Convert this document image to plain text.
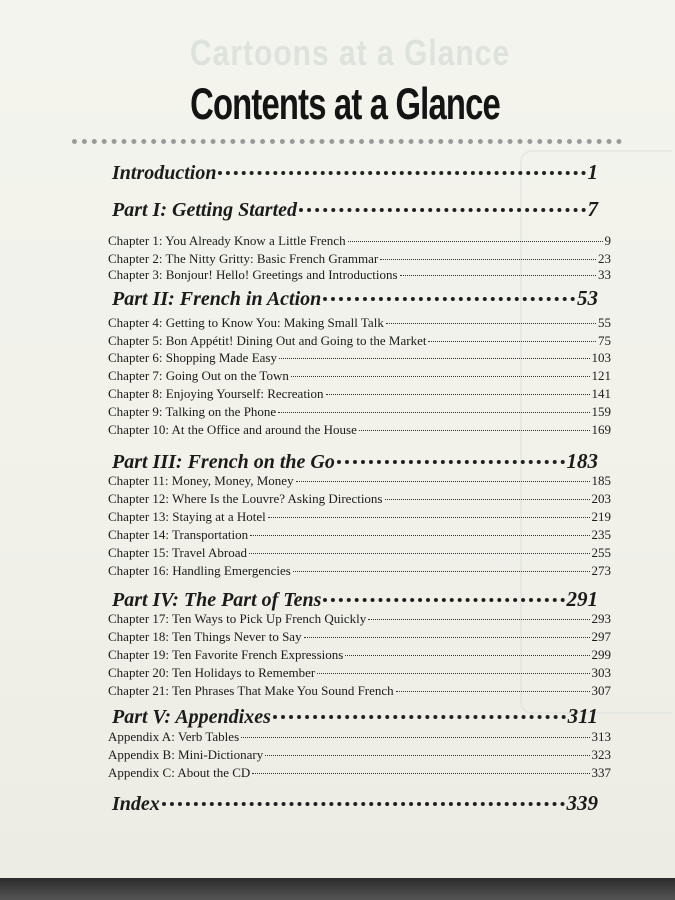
Cartoons at a Glance
Contents at a Glance
Introduction	1
Part I: Getting Started	7
Chapter 1: You Already Know a Little French	9
Chapter 2: The Nitty Gritty: Basic French Grammar	23
Chapter 3: Bonjour! Hello! Greetings and Introductions	33
Part II: French in Action	53
Chapter 4: Getting to Know You: Making Small Talk	55
Chapter 5: Bon Appétit! Dining Out and Going to the Market	75
Chapter 6: Shopping Made Easy	103
Chapter 7: Going Out on the Town	121
Chapter 8: Enjoying Yourself: Recreation	141
Chapter 9: Talking on the Phone	159
Chapter 10: At the Office and around the House	169
Part III: French on the Go	183
Chapter 11: Money, Money, Money	185
Chapter 12: Where Is the Louvre? Asking Directions	203
Chapter 13: Staying at a Hotel	219
Chapter 14: Transportation	235
Chapter 15: Travel Abroad	255
Chapter 16: Handling Emergencies	273
Part IV: The Part of Tens	291
Chapter 17: Ten Ways to Pick Up French Quickly	293
Chapter 18: Ten Things Never to Say	297
Chapter 19: Ten Favorite French Expressions	299
Chapter 20: Ten Holidays to Remember	303
Chapter 21: Ten Phrases That Make You Sound French	307
Part V: Appendixes	311
Appendix A: Verb Tables	313
Appendix B: Mini-Dictionary	323
Appendix C: About the CD	337
Index	339
